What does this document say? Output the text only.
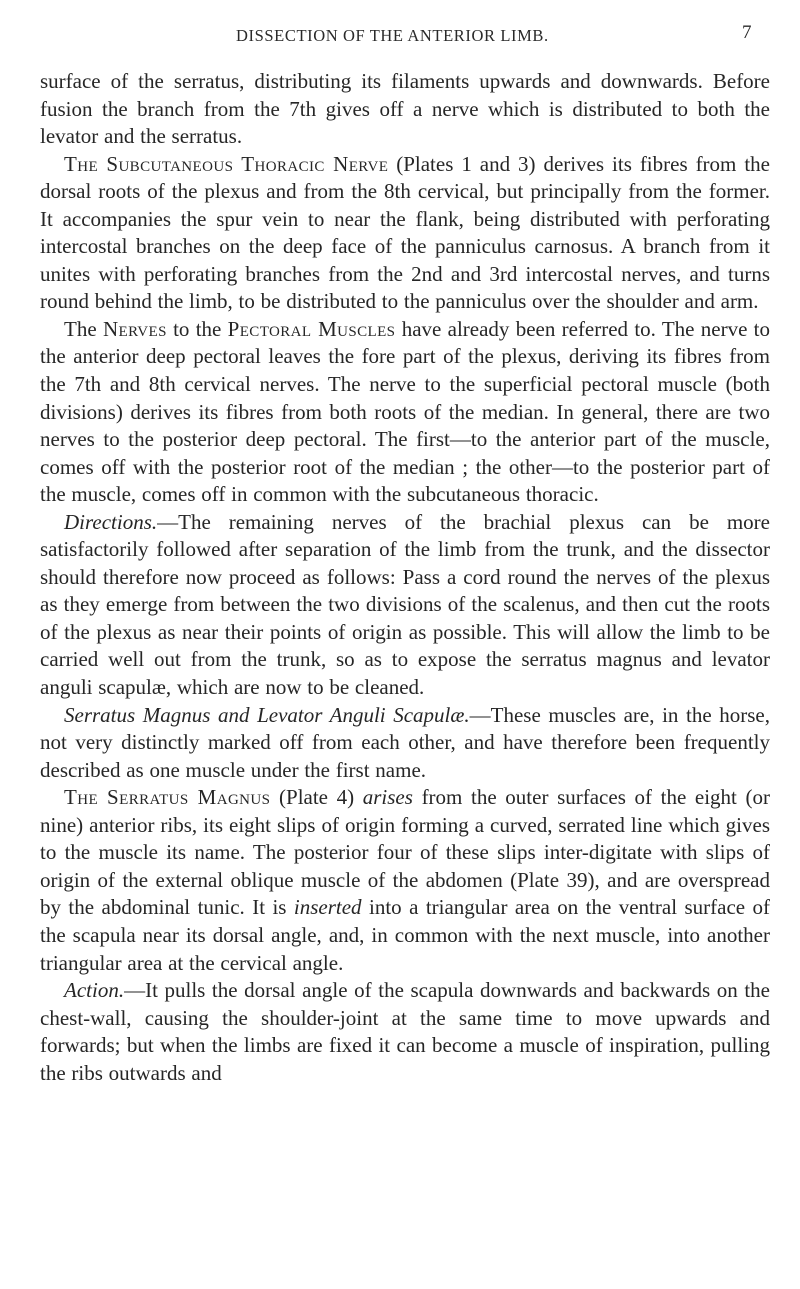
DISSECTION OF THE ANTERIOR LIMB.	7

surface of the serratus, distributing its filaments upwards and downwards. Before fusion the branch from the 7th gives off a nerve which is distributed to both the levator and the serratus.

The Subcutaneous Thoracic Nerve (Plates 1 and 3) derives its fibres from the dorsal roots of the plexus and from the 8th cervical, but principally from the former. It accompanies the spur vein to near the flank, being distributed with perforating intercostal branches on the deep face of the panniculus carnosus. A branch from it unites with perforating branches from the 2nd and 3rd intercostal nerves, and turns round behind the limb, to be distributed to the panniculus over the shoulder and arm.

The Nerves to the Pectoral Muscles have already been referred to. The nerve to the anterior deep pectoral leaves the fore part of the plexus, deriving its fibres from the 7th and 8th cervical nerves. The nerve to the superficial pectoral muscle (both divisions) derives its fibres from both roots of the median. In general, there are two nerves to the posterior deep pectoral. The first—to the anterior part of the muscle, comes off with the posterior root of the median ; the other—to the posterior part of the muscle, comes off in common with the subcutaneous thoracic.

Directions.—The remaining nerves of the brachial plexus can be more satisfactorily followed after separation of the limb from the trunk, and the dissector should therefore now proceed as follows: Pass a cord round the nerves of the plexus as they emerge from between the two divisions of the scalenus, and then cut the roots of the plexus as near their points of origin as possible. This will allow the limb to be carried well out from the trunk, so as to expose the serratus magnus and levator anguli scapulæ, which are now to be cleaned.

Serratus Magnus and Levator Anguli Scapulæ.—These muscles are, in the horse, not very distinctly marked off from each other, and have therefore been frequently described as one muscle under the first name.

The Serratus Magnus (Plate 4) arises from the outer surfaces of the eight (or nine) anterior ribs, its eight slips of origin forming a curved, serrated line which gives to the muscle its name. The posterior four of these slips inter-digitate with slips of origin of the external oblique muscle of the abdomen (Plate 39), and are overspread by the abdominal tunic. It is inserted into a triangular area on the ventral surface of the scapula near its dorsal angle, and, in common with the next muscle, into another triangular area at the cervical angle.

Action.—It pulls the dorsal angle of the scapula downwards and backwards on the chest-wall, causing the shoulder-joint at the same time to move upwards and forwards; but when the limbs are fixed it can become a muscle of inspiration, pulling the ribs outwards and
